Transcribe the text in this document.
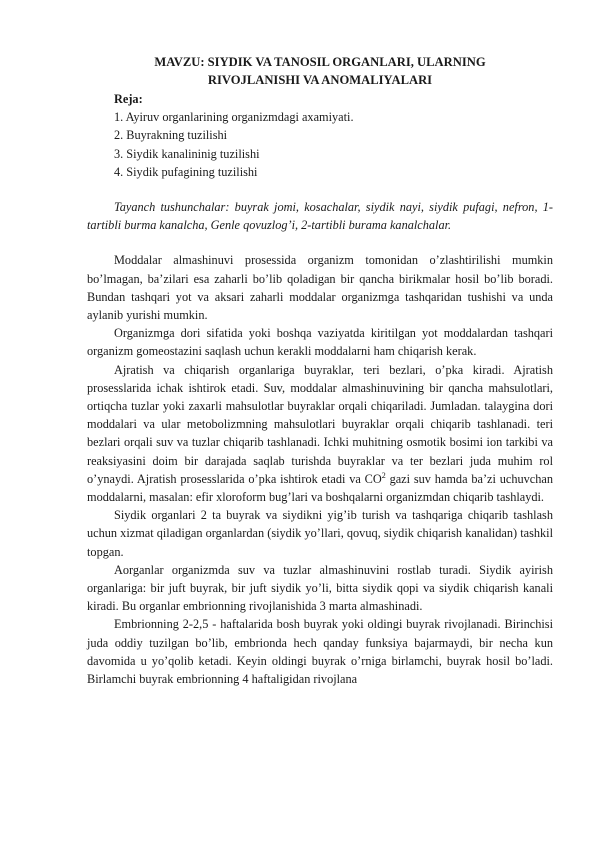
MAVZU: SIYDIK VA TANOSIL ORGANLARI, ULARNING
RIVOJLANISHI VA ANOMALIYALARI
Reja:
1. Ayiruv organlarining organizmdagi axamiyati.
2. Buyrakning tuzilishi
3. Siydik kanalininig tuzilishi
4. Siydik pufagining tuzilishi

Tayanch tushunchalar: buyrak jomi, kosachalar, siydik nayi, siydik pufagi, nefron, 1-tartibli burma kanalcha, Genle qovuzlog’i, 2-tartibli burama kanalchalar.

Moddalar almashinuvi prosessida organizm tomonidan o’zlashtirilishi mumkin bo’lmagan, ba’zilari esa zaharli bo’lib qoladigan bir qancha birikmalar hosil bo’lib boradi. Bundan tashqari yot va aksari zaharli moddalar organizmga tashqaridan tushishi va unda aylanib yurishi mumkin.

Organizmga dori sifatida yoki boshqa vaziyatda kiritilgan yot moddalardan tashqari organizm gomeostazini saqlash uchun kerakli moddalarni ham chiqarish kerak.

Ajratish va chiqarish organlariga buyraklar, teri bezlari, o’pka kiradi. Ajratish prosesslarida ichak ishtirok etadi. Suv, moddalar almashinuvining bir qancha mahsulotlari, ortiqcha tuzlar yoki zaxarli mahsulotlar buyraklar orqali chiqariladi. Jumladan. talaygina dori moddalari va ular metobolizmning mahsulotlari buyraklar orqali chiqarib tashlanadi. teri bezlari orqali suv va tuzlar chiqarib tashlanadi. Ichki muhitning osmotik bosimi ion tarkibi va reaksiyasini doim bir darajada saqlab turishda buyraklar va ter bezlari juda muhim rol o’ynaydi. Ajratish prosesslarida o’pka ishtirok etadi va $CO^2$ gazi suv hamda ba’zi uchuvchan moddalarni, masalan: efir xloroform bug’lari va boshqalarni organizmdan chiqarib tashlaydi.

Siydik organlari 2 ta buyrak va siydikni yig’ib turish va tashqariga chiqarib tashlash uchun xizmat qiladigan organlardan (siydik yo’llari, qovuq, siydik chiqarish kanalidan) tashkil topgan.

Aorganlar organizmda suv va tuzlar almashinuvini rostlab turadi. Siydik ayirish organlariga: bir juft buyrak, bir juft siydik yo’li, bitta siydik qopi va siydik chiqarish kanali kiradi. Bu organlar embrionning rivojlanishida 3 marta almashinadi.

Embrionning 2-2,5 - haftalarida bosh buyrak yoki oldingi buyrak rivojlanadi. Birinchisi juda oddiy tuzilgan bo’lib, embrionda hech qanday funksiya bajarmaydi, bir necha kun davomida u yo’qolib ketadi. Keyin oldingi buyrak o’rniga birlamchi, buyrak hosil bo’ladi. Birlamchi buyrak embrionning 4 haftaligidan rivojlana
